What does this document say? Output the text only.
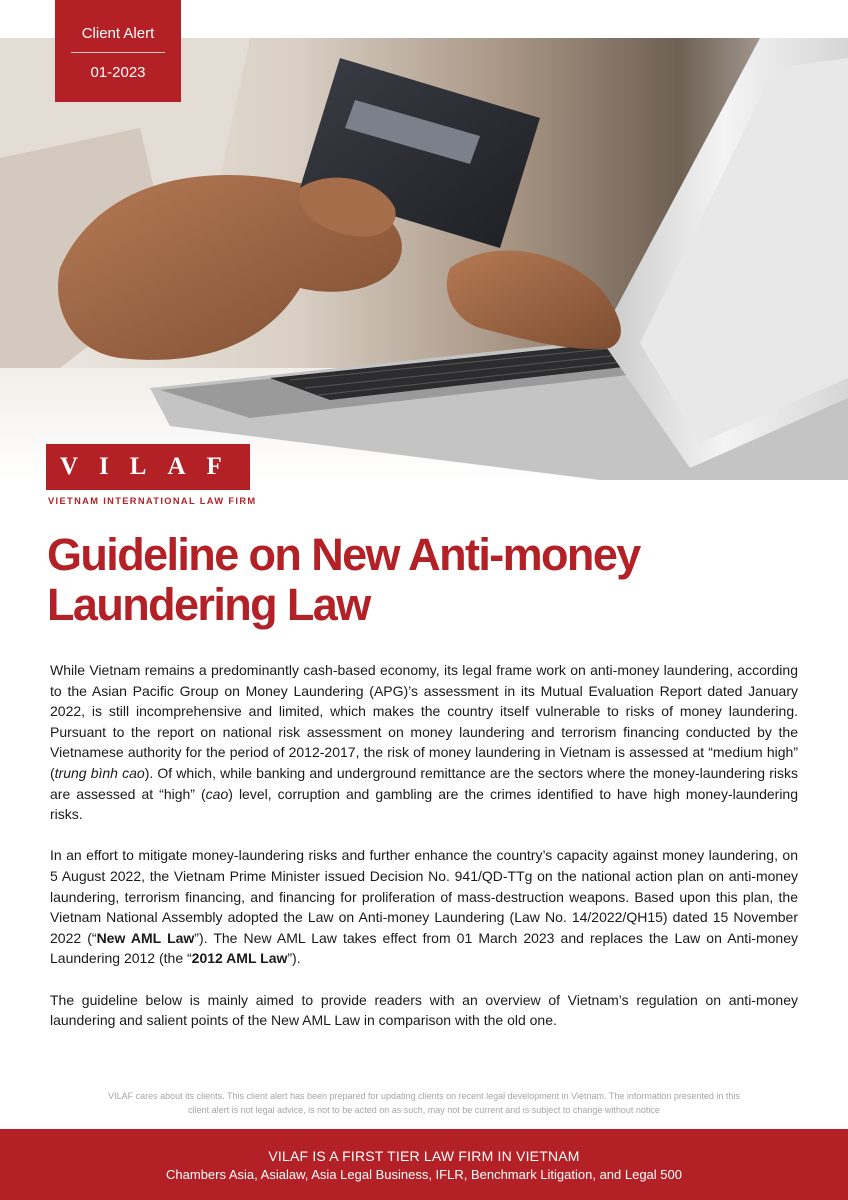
Client Alert
01-2023
VILAF
VIETNAM INTERNATIONAL LAW FIRM
Guideline on New Anti-money
Laundering Law

While Vietnam remains a predominantly cash-based economy, its legal frame work on anti-money laundering, according to the Asian Pacific Group on Money Laundering (APG)’s assessment in its Mutual Evaluation Report dated January 2022, is still incomprehensive and limited, which makes the country itself vulnerable to risks of money laundering. Pursuant to the report on national risk assessment on money laundering and terrorism financing conducted by the Vietnamese authority for the period of 2012-2017, the risk of money laundering in Vietnam is assessed at “medium high” (trung bình cao). Of which, while banking and underground remittance are the sectors where the money-laundering risks are assessed at “high” (cao) level, corruption and gambling are the crimes identified to have high money-laundering risks.

In an effort to mitigate money-laundering risks and further enhance the country’s capacity against money laundering, on 5 August 2022, the Vietnam Prime Minister issued Decision No. 941/QD-TTg on the national action plan on anti-money laundering, terrorism financing, and financing for proliferation of mass-destruction weapons. Based upon this plan, the Vietnam National Assembly adopted the Law on Anti-money Laundering (Law No. 14/2022/QH15) dated 15 November 2022 (“New AML Law”). The New AML Law takes effect from 01 March 2023 and replaces the Law on Anti-money Laundering 2012 (the “2012 AML Law”).

The guideline below is mainly aimed to provide readers with an overview of Vietnam’s regulation on anti-money laundering and salient points of the New AML Law in comparison with the old one.

VILAF cares about its clients. This client alert has been prepared for updating clients on recent legal development in Vietnam. The information presented in this
client alert is not legal advice, is not to be acted on as such, may not be current and is subject to change without notice
VILAF IS A FIRST TIER LAW FIRM IN VIETNAM
Chambers Asia, Asialaw, Asia Legal Business, IFLR, Benchmark Litigation, and Legal 500
